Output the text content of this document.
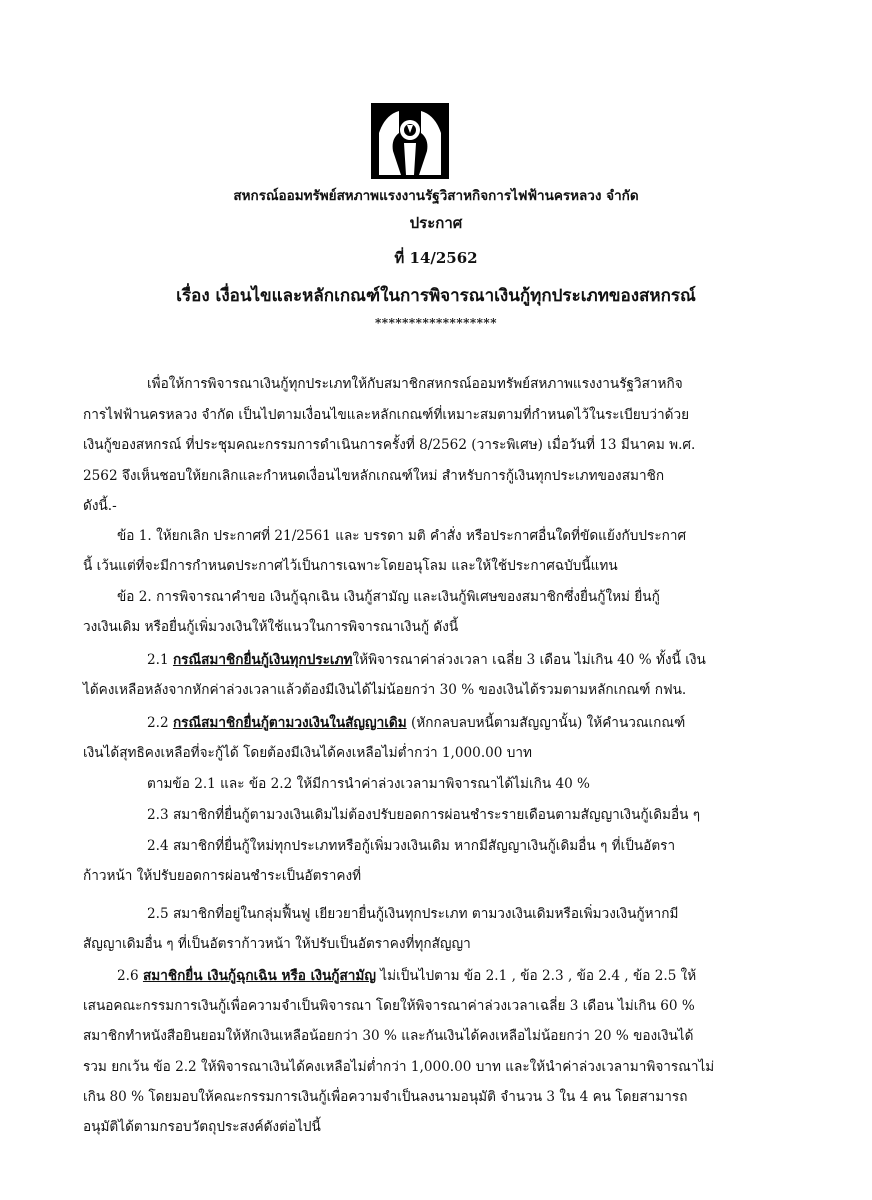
สหกรณ์ออมทรัพย์สหภาพแรงงานรัฐวิสาหกิจการไฟฟ้านครหลวง จำกัด
ประกาศ
ที่ 14/2562
เรื่อง เงื่อนไขและหลักเกณฑ์ในการพิจารณาเงินกู้ทุกประเภทของสหกรณ์
******************
เพื่อให้การพิจารณาเงินกู้ทุกประเภทให้กับสมาชิกสหกรณ์ออมทรัพย์สหภาพแรงงานรัฐวิสาหกิจ
การไฟฟ้านครหลวง จำกัด เป็นไปตามเงื่อนไขและหลักเกณฑ์ที่เหมาะสมตามที่กำหนดไว้ในระเบียบว่าด้วย
เงินกู้ของสหกรณ์ ที่ประชุมคณะกรรมการดำเนินการครั้งที่ 8/2562 (วาระพิเศษ) เมื่อวันที่ 13 มีนาคม พ.ศ.
2562 จึงเห็นชอบให้ยกเลิกและกำหนดเงื่อนไขหลักเกณฑ์ใหม่ สำหรับการกู้เงินทุกประเภทของสมาชิก
ดังนี้.-
ข้อ 1. ให้ยกเลิก ประกาศที่ 21/2561 และ บรรดา มติ คำสั่ง หรือประกาศอื่นใดที่ขัดแย้งกับประกาศ
นี้ เว้นแต่ที่จะมีการกำหนดประกาศไว้เป็นการเฉพาะโดยอนุโลม และให้ใช้ประกาศฉบับนี้แทน
ข้อ 2. การพิจารณาคำขอ เงินกู้ฉุกเฉิน เงินกู้สามัญ และเงินกู้พิเศษของสมาชิกซึ่งยื่นกู้ใหม่ ยื่นกู้
วงเงินเดิม หรือยื่นกู้เพิ่มวงเงินให้ใช้แนวในการพิจารณาเงินกู้ ดังนี้
2.1 กรณีสมาชิกยื่นกู้เงินทุกประเภทให้พิจารณาค่าล่วงเวลา เฉลี่ย 3 เดือน ไม่เกิน 40 % ทั้งนี้ เงิน
ได้คงเหลือหลังจากหักค่าล่วงเวลาแล้วต้องมีเงินได้ไม่น้อยกว่า 30 % ของเงินได้รวมตามหลักเกณฑ์ กฟน.
2.2 กรณีสมาชิกยื่นกู้ตามวงเงินในสัญญาเดิม (หักกลบลบหนี้ตามสัญญานั้น) ให้คำนวณเกณฑ์
เงินได้สุทธิคงเหลือที่จะกู้ได้ โดยต้องมีเงินได้คงเหลือไม่ต่ำกว่า 1,000.00 บาท
ตามข้อ 2.1 และ ข้อ 2.2 ให้มีการนำค่าล่วงเวลามาพิจารณาได้ไม่เกิน 40 %
2.3 สมาชิกที่ยื่นกู้ตามวงเงินเดิมไม่ต้องปรับยอดการผ่อนชำระรายเดือนตามสัญญาเงินกู้เดิมอื่น ๆ
2.4 สมาชิกที่ยื่นกู้ใหม่ทุกประเภทหรือกู้เพิ่มวงเงินเดิม หากมีสัญญาเงินกู้เดิมอื่น ๆ ที่เป็นอัตรา
ก้าวหน้า ให้ปรับยอดการผ่อนชำระเป็นอัตราคงที่
2.5 สมาชิกที่อยู่ในกลุ่มฟื้นฟู เยียวยายื่นกู้เงินทุกประเภท ตามวงเงินเดิมหรือเพิ่มวงเงินกู้หากมี
สัญญาเดิมอื่น ๆ ที่เป็นอัตราก้าวหน้า ให้ปรับเป็นอัตราคงที่ทุกสัญญา
2.6 สมาชิกยื่น เงินกู้ฉุกเฉิน หรือ เงินกู้สามัญ ไม่เป็นไปตาม ข้อ 2.1 , ข้อ 2.3 , ข้อ 2.4 , ข้อ 2.5 ให้
เสนอคณะกรรมการเงินกู้เพื่อความจำเป็นพิจารณา โดยให้พิจารณาค่าล่วงเวลาเฉลี่ย 3 เดือน ไม่เกิน 60 %
สมาชิกทำหนังสือยินยอมให้หักเงินเหลือน้อยกว่า 30 % และกันเงินได้คงเหลือไม่น้อยกว่า 20 % ของเงินได้
รวม ยกเว้น ข้อ 2.2 ให้พิจารณาเงินได้คงเหลือไม่ต่ำกว่า 1,000.00 บาท และให้นำค่าล่วงเวลามาพิจารณาไม่
เกิน 80 % โดยมอบให้คณะกรรมการเงินกู้เพื่อความจำเป็นลงนามอนุมัติ จำนวน 3 ใน 4 คน โดยสามารถ
อนุมัติได้ตามกรอบวัตถุประสงค์ดังต่อไปนี้
